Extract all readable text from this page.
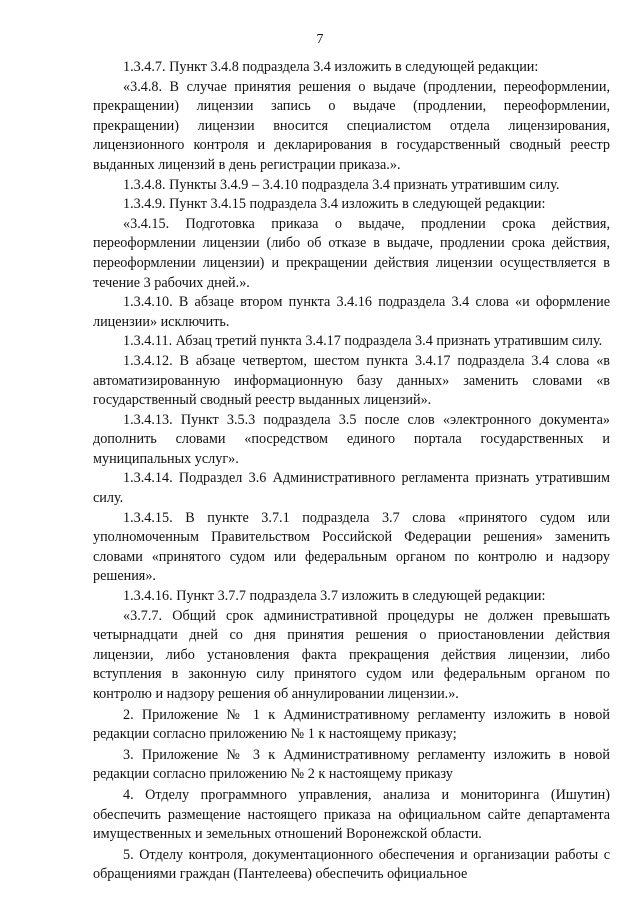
7

1.3.4.7. Пункт 3.4.8 подраздела 3.4 изложить в следующей редакции:

«3.4.8. В случае принятия решения о выдаче (продлении, переоформлении, прекращении) лицензии запись о выдаче (продлении, переоформлении, прекращении) лицензии вносится специалистом отдела лицензирования, лицензионного контроля и декларирования в государственный сводный реестр выданных лицензий в день регистрации приказа.».

1.3.4.8. Пункты 3.4.9 – 3.4.10 подраздела 3.4 признать утратившим силу.

1.3.4.9. Пункт 3.4.15 подраздела 3.4 изложить в следующей редакции:

«3.4.15. Подготовка приказа о выдаче, продлении срока действия, переоформлении лицензии (либо об отказе в выдаче, продлении срока действия, переоформлении лицензии) и прекращении действия лицензии осуществляется в течение 3 рабочих дней.».

1.3.4.10. В абзаце втором пункта 3.4.16 подраздела 3.4 слова «и оформление лицензии» исключить.

1.3.4.11. Абзац третий пункта 3.4.17 подраздела 3.4 признать утратившим силу.

1.3.4.12. В абзаце четвертом, шестом пункта 3.4.17 подраздела 3.4 слова «в автоматизированную информационную базу данных» заменить словами «в государственный сводный реестр выданных лицензий».

1.3.4.13. Пункт 3.5.3 подраздела 3.5 после слов «электронного документа» дополнить словами «посредством единого портала государственных и муниципальных услуг».

1.3.4.14. Подраздел 3.6 Административного регламента признать утратившим силу.

1.3.4.15. В пункте 3.7.1 подраздела 3.7 слова «принятого судом или уполномоченным Правительством Российской Федерации решения» заменить словами «принятого судом или федеральным органом по контролю и надзору решения».

1.3.4.16. Пункт 3.7.7 подраздела 3.7 изложить в следующей редакции:

«3.7.7. Общий срок административной процедуры не должен превышать четырнадцати дней со дня принятия решения о приостановлении действия лицензии, либо установления факта прекращения действия лицензии, либо вступления в законную силу принятого судом или федеральным органом по контролю и надзору решения об аннулировании лицензии.».

2. Приложение № 1 к Административному регламенту изложить в новой редакции согласно приложению № 1 к настоящему приказу;

3. Приложение № 3 к Административному регламенту изложить в новой редакции согласно приложению № 2 к настоящему приказу

4. Отделу программного управления, анализа и мониторинга (Ишутин) обеспечить размещение настоящего приказа на официальном сайте департамента имущественных и земельных отношений Воронежской области.

5. Отделу контроля, документационного обеспечения и организации работы с обращениями граждан (Пантелеева) обеспечить официальное
